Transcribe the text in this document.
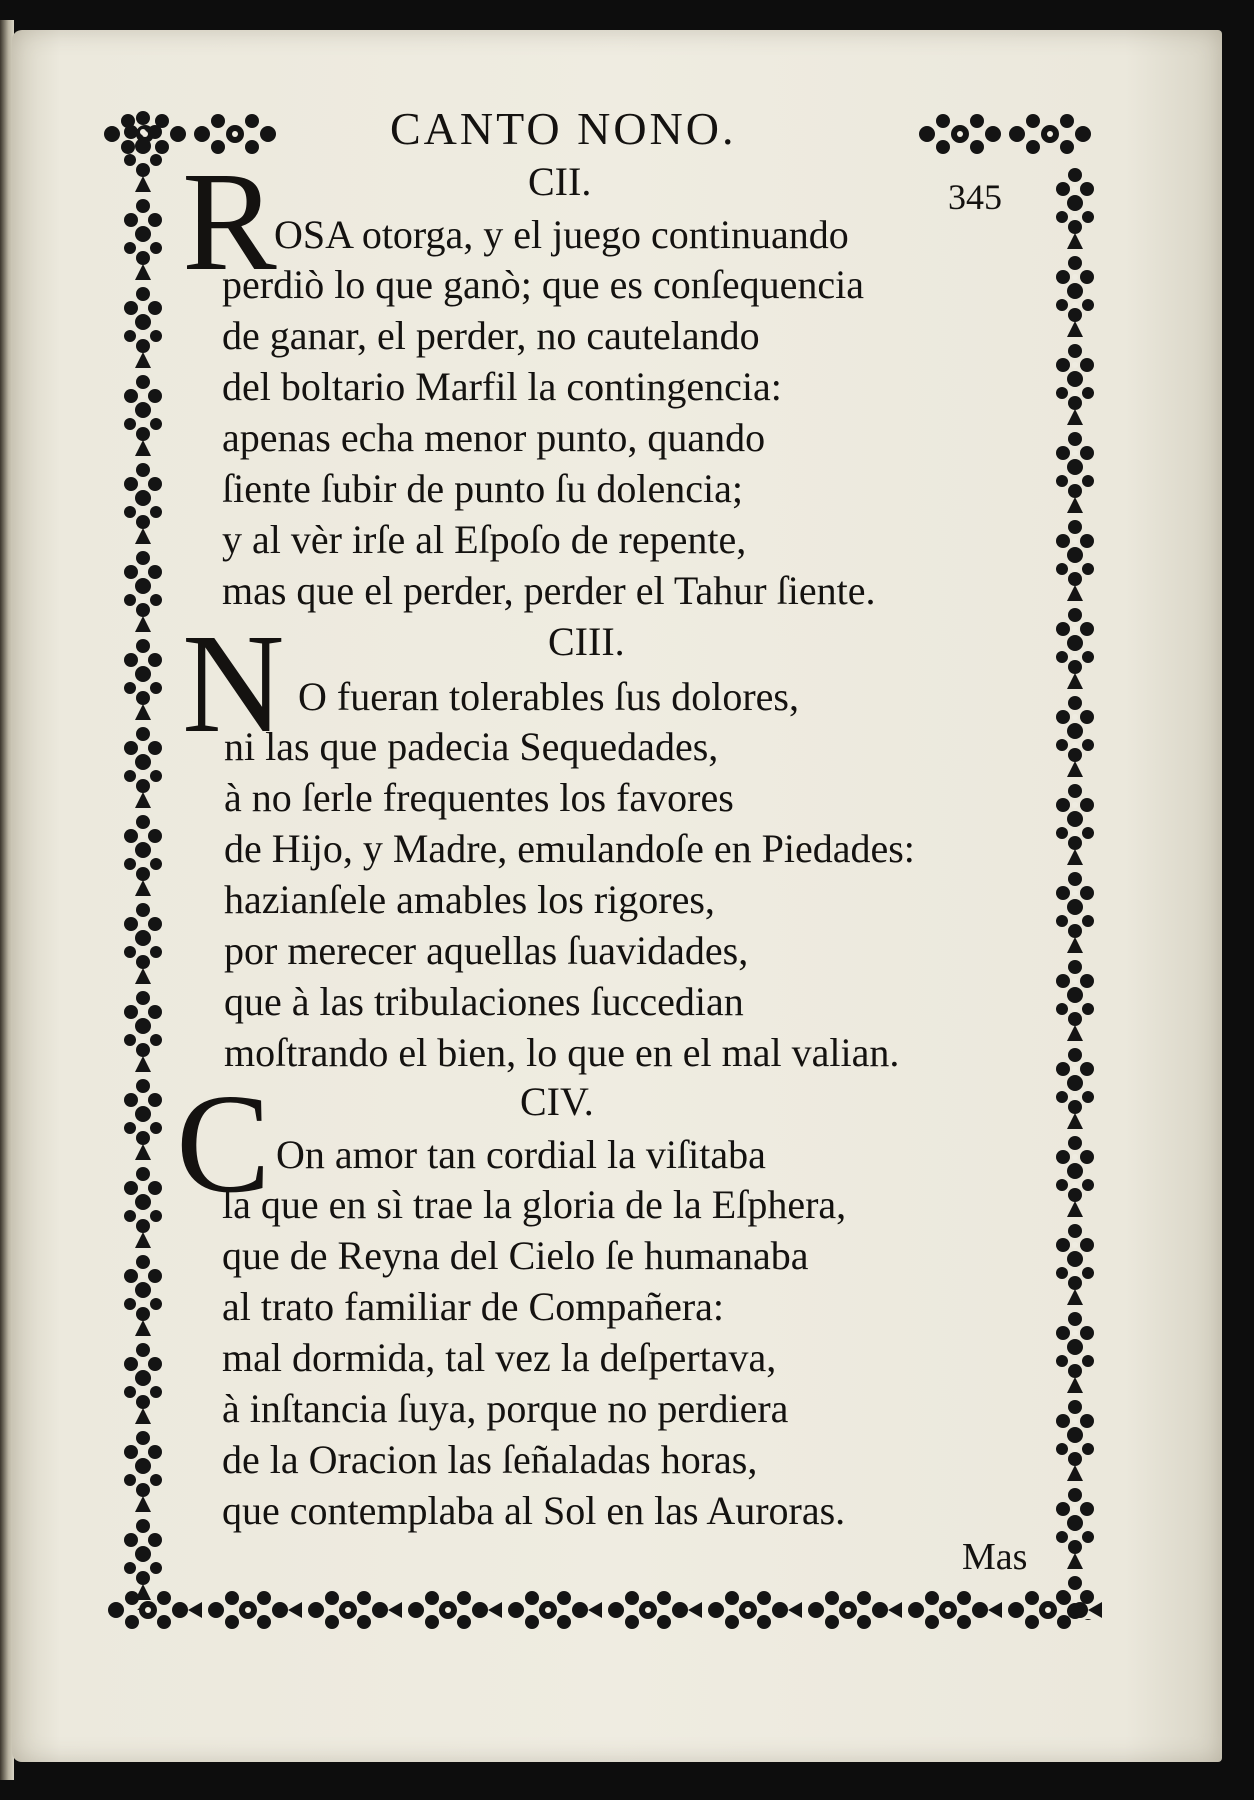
CANTO NONO.

345

CII.

R

OSA otorga, y el juego continuando

perdiò lo que ganò; que es conſequencia

de ganar, el perder, no cautelando

del boltario Marfil la contingencia:

apenas echa menor punto, quando

ſiente ſubir de punto ſu dolencia;

y al vèr irſe al Eſpoſo de repente,

mas que el perder, perder el Tahur ſiente.

CIII.

N O fueran tolerables ſus dolores,

ni las que padecia Sequedades,

à no ſerle frequentes los favores

de Hijo, y Madre, emulandoſe en Piedades:

hazianſele amables los rigores,

por merecer aquellas ſuavidades,

que à las tribulaciones ſuccedian

moſtrando el bien, lo que en el mal valian.

CIV.

C On amor tan cordial la viſitaba

la que en sì trae la gloria de la Eſphera,

que de Reyna del Cielo ſe humanaba

al trato familiar de Compañera:

mal dormida, tal vez la deſpertava,

à inſtancia ſuya, porque no perdiera

de la Oracion las ſeñaladas horas,

que contemplaba al Sol en las Auroras.

Mas
